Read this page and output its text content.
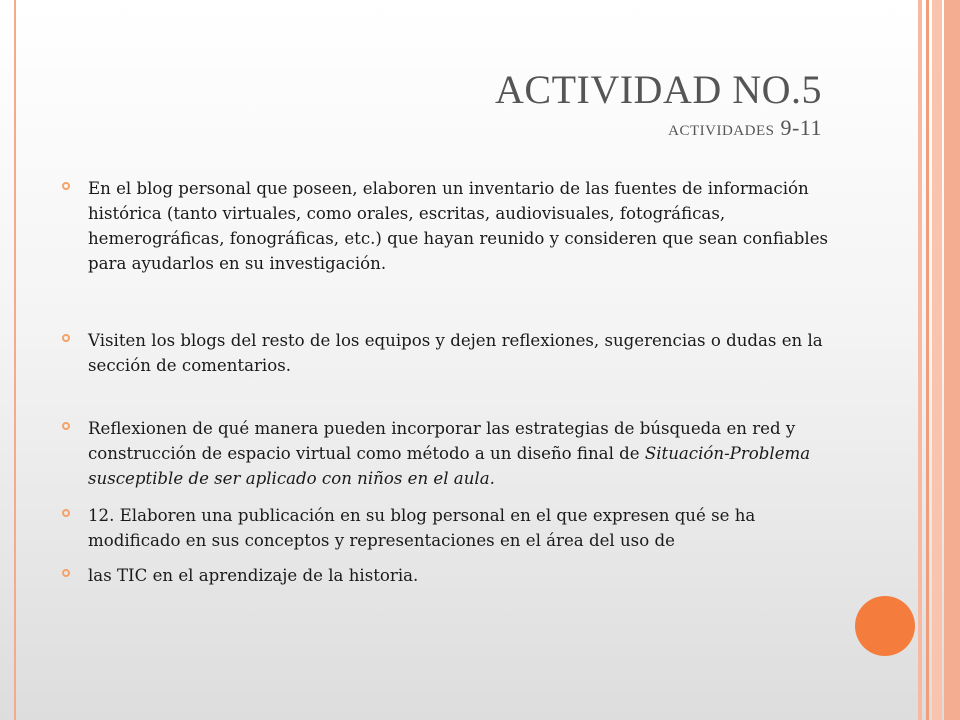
ACTIVIDAD NO.5
actividades 9-11
En el blog personal que poseen, elaboren un inventario de las fuentes de información histórica (tanto virtuales, como orales, escritas, audiovisuales, fotográficas, hemerográficas, fonográficas, etc.) que hayan reunido y consideren que sean confiables para ayudarlos en su investigación.
Visiten los blogs del resto de los equipos y dejen reflexiones, sugerencias o dudas en la sección de comentarios.
Reflexionen de qué manera pueden incorporar las estrategias de búsqueda en red y construcción de espacio virtual como método a un diseño final de Situación-Problema susceptible de ser aplicado con niños en el aula.
12. Elaboren una publicación en su blog personal en el que expresen qué se ha modificado en sus conceptos y representaciones en el área del uso de
las TIC en el aprendizaje de la historia.
